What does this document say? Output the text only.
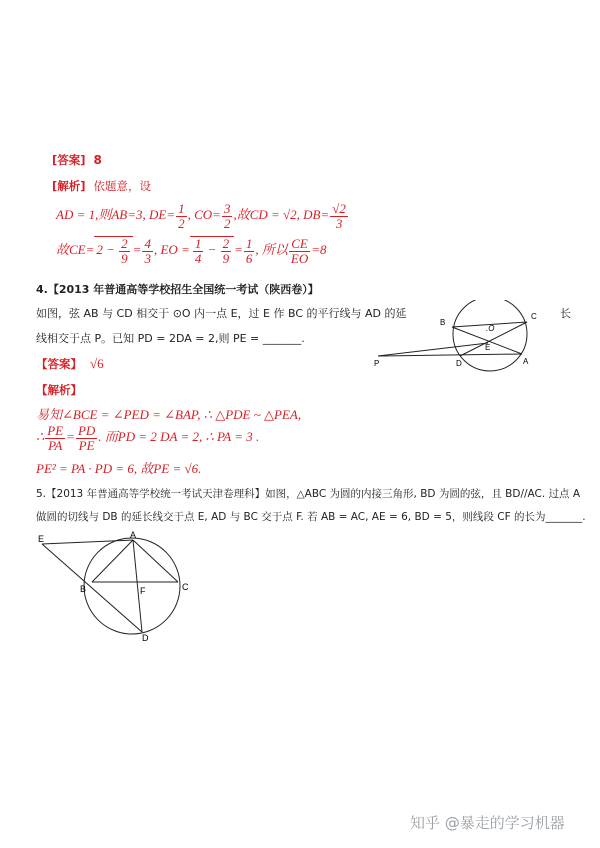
[答案] 8
[解析] 依题意，设
AD = 1,则AB=3, $DE= \frac{1}{2}$ , $CO= \frac{3}{2}$ ,故CD = √2, $DB= \frac{√2}{3}$
故$CE= 2 - \frac{2}{9} = \frac{4}{3}$ , EO = $\frac{1}{4} - \frac{2}{9} = \frac{1}{6}$ , 所以 $\frac{CE}{EO} =8$
4.【2013 年普通高等学校招生全国统一考试（陕西卷）】
如图，弦 AB 与 CD 相交于 ⊙O 内一点 E，过 E 作 BC 的平行线与 AD 的延	长
线相交于点 P。已知 PD = 2DA = 2,则 PE = _______.
B
C
.O
E
P	D	A
【答案】 √6
【解析】
易知∠BCE = ∠PED = ∠BAP, ∴ △PDE ~ △PEA,
∴ $\frac{PE}{PA} = \frac{PD}{PE}$ . 而PD = 2 DA = 2, ∴ PA = 3 .
PE² = PA · PD = 6, 故PE = √6.
5.【2013 年普通高等学校统一考试天津卷理科】如图，△ABC 为圆的内接三角形, BD 为圆的弦，且 BD//AC. 过点 A
做圆的切线与 DB 的延长线交于点 E, AD 与 BC 交于点 F. 若 AB = AC, AE = 6, BD = 5，则线段 CF 的长为_______.
E	A
B	F	C
D
知乎 @暴走的学习机器
